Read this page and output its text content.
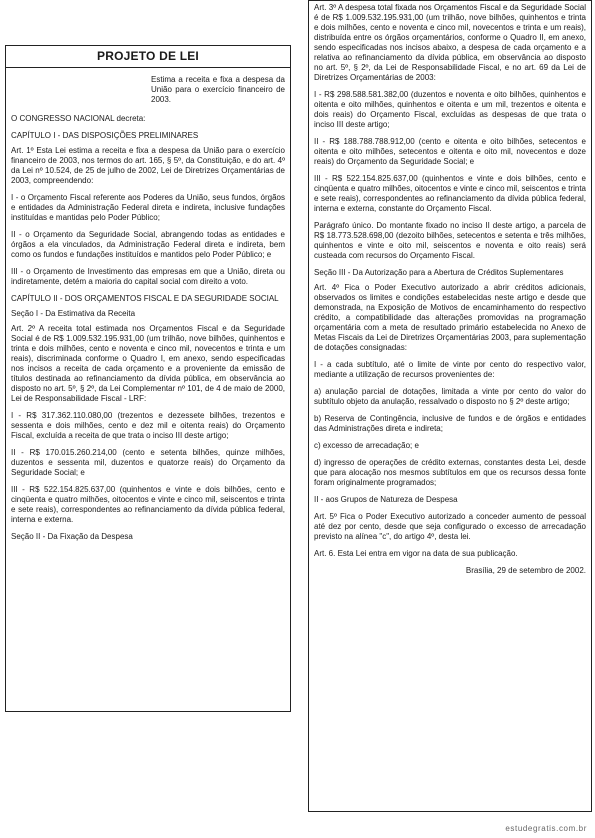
PROJETO DE LEI
Estima a receita e fixa a despesa da União para o exercício financeiro de 2003.

O CONGRESSO NACIONAL decreta:

CAPÍTULO I - DAS DISPOSIÇÕES PRELIMINARES

Art. 1º Esta Lei estima a receita e fixa a despesa da União para o exercício financeiro de 2003, nos termos do art. 165, § 5º, da Constituição, e do art. 4º da Lei nº 10.524, de 25 de julho de 2002, Lei de Diretrizes Orçamentárias de 2003, compreendendo:

I - o Orçamento Fiscal referente aos Poderes da União, seus fundos, órgãos e entidades da Administração Federal direta e indireta, inclusive fundações instituídas e mantidas pelo Poder Público;

II - o Orçamento da Seguridade Social, abrangendo todas as entidades e órgãos a ela vinculados, da Administração Federal direta e indireta, bem como os fundos e fundações instituídos e mantidos pelo Poder Público; e

III - o Orçamento de Investimento das empresas em que a União, direta ou indiretamente, detém a maioria do capital social com direito a voto.

CAPÍTULO II - DOS ORÇAMENTOS FISCAL E DA SEGURIDADE SOCIAL

Seção I - Da Estimativa da Receita

Art. 2º A receita total estimada nos Orçamentos Fiscal e da Seguridade Social é de R$ 1.009.532.195.931,00 (um trilhão, nove bilhões, quinhentos e trinta e dois milhões, cento e noventa e cinco mil, novecentos e trinta e um reais), discriminada conforme o Quadro I, em anexo, sendo especificadas nos incisos a receita de cada orçamento e a proveniente da emissão de títulos destinada ao refinanciamento da dívida pública, em observância ao disposto no art. 5º, § 2º, da Lei Complementar nº 101, de 4 de maio de 2000, Lei de Responsabilidade Fiscal - LRF:

I - R$ 317.362.110.080,00 (trezentos e dezessete bilhões, trezentos e sessenta e dois milhões, cento e dez mil e oitenta reais) do Orçamento Fiscal, excluída a receita de que trata o inciso III deste artigo;

II - R$ 170.015.260.214,00 (cento e setenta bilhões, quinze milhões, duzentos e sessenta mil, duzentos e quatorze reais) do Orçamento da Seguridade Social; e

III - R$ 522.154.825.637,00 (quinhentos e vinte e dois bilhões, cento e cinqüenta e quatro milhões, oitocentos e vinte e cinco mil, seiscentos e trinta e sete reais), correspondentes ao refinanciamento da dívida pública federal, interna e externa.

Seção II - Da Fixação da Despesa

Art. 3º A despesa total fixada nos Orçamentos Fiscal e da Seguridade Social é de R$ 1.009.532.195.931,00 (um trilhão, nove bilhões, quinhentos e trinta e dois milhões, cento e noventa e cinco mil, novecentos e trinta e um reais), distribuída entre os órgãos orçamentários, conforme o Quadro II, em anexo, sendo especificadas nos incisos abaixo, a despesa de cada orçamento e a relativa ao refinanciamento da dívida pública, em observância ao disposto no art. 5º, § 2º, da Lei de Responsabilidade Fiscal, e no art. 69 da Lei de Diretrizes Orçamentárias de 2003:

I - R$ 298.588.581.382,00 (duzentos e noventa e oito bilhões, quinhentos e oitenta e oito milhões, quinhentos e oitenta e um mil, trezentos e oitenta e dois reais) do Orçamento Fiscal, excluídas as despesas de que trata o inciso III deste artigo;

II - R$ 188.788.788.912,00 (cento e oitenta e oito bilhões, setecentos e oitenta e oito milhões, setecentos e oitenta e oito mil, novecentos e doze reais) do Orçamento da Seguridade Social; e

III - R$ 522.154.825.637,00 (quinhentos e vinte e dois bilhões, cento e cinqüenta e quatro milhões, oitocentos e vinte e cinco mil, seiscentos e trinta e sete reais), correspondentes ao refinanciamento da dívida pública federal, interna e externa, constante do Orçamento Fiscal.

Parágrafo único. Do montante fixado no inciso II deste artigo, a parcela de R$ 18.773.528.698,00 (dezoito bilhões, setecentos e setenta e três milhões, quinhentos e vinte e oito mil, seiscentos e noventa e oito reais) será custeada com recursos do Orçamento Fiscal.

Seção III - Da Autorização para a Abertura de Créditos Suplementares

Art. 4º Fica o Poder Executivo autorizado a abrir créditos adicionais, observados os limites e condições estabelecidas neste artigo e desde que demonstrada, na Exposição de Motivos de encaminhamento do respectivo crédito, a compatibilidade das alterações promovidas na programação orçamentária com a meta de resultado primário estabelecida no Anexo de Metas Fiscais da Lei de Diretrizes Orçamentárias 2003, para suplementação de dotações consignadas:

I - a cada subtítulo, até o limite de vinte por cento do respectivo valor, mediante a utilização de recursos provenientes de:

a) anulação parcial de dotações, limitada a vinte por cento do valor do subtítulo objeto da anulação, ressalvado o disposto no § 2º deste artigo;

b) Reserva de Contingência, inclusive de fundos e de órgãos e entidades das Administrações direta e indireta;

c) excesso de arrecadação; e

d) ingresso de operações de crédito externas, constantes desta Lei, desde que para alocação nos mesmos subtítulos em que os recursos dessa fonte foram originalmente programados;

II - aos Grupos de Natureza de Despesa

Art. 5º Fica o Poder Executivo autorizado a conceder aumento de pessoal até dez por cento, desde que seja configurado o excesso de arrecadação previsto na alínea "c", do artigo 4º, desta lei.

Art. 6. Esta Lei entra em vigor na data de sua publicação.

Brasília, 29 de setembro de 2002.
estudegratis.com.br
